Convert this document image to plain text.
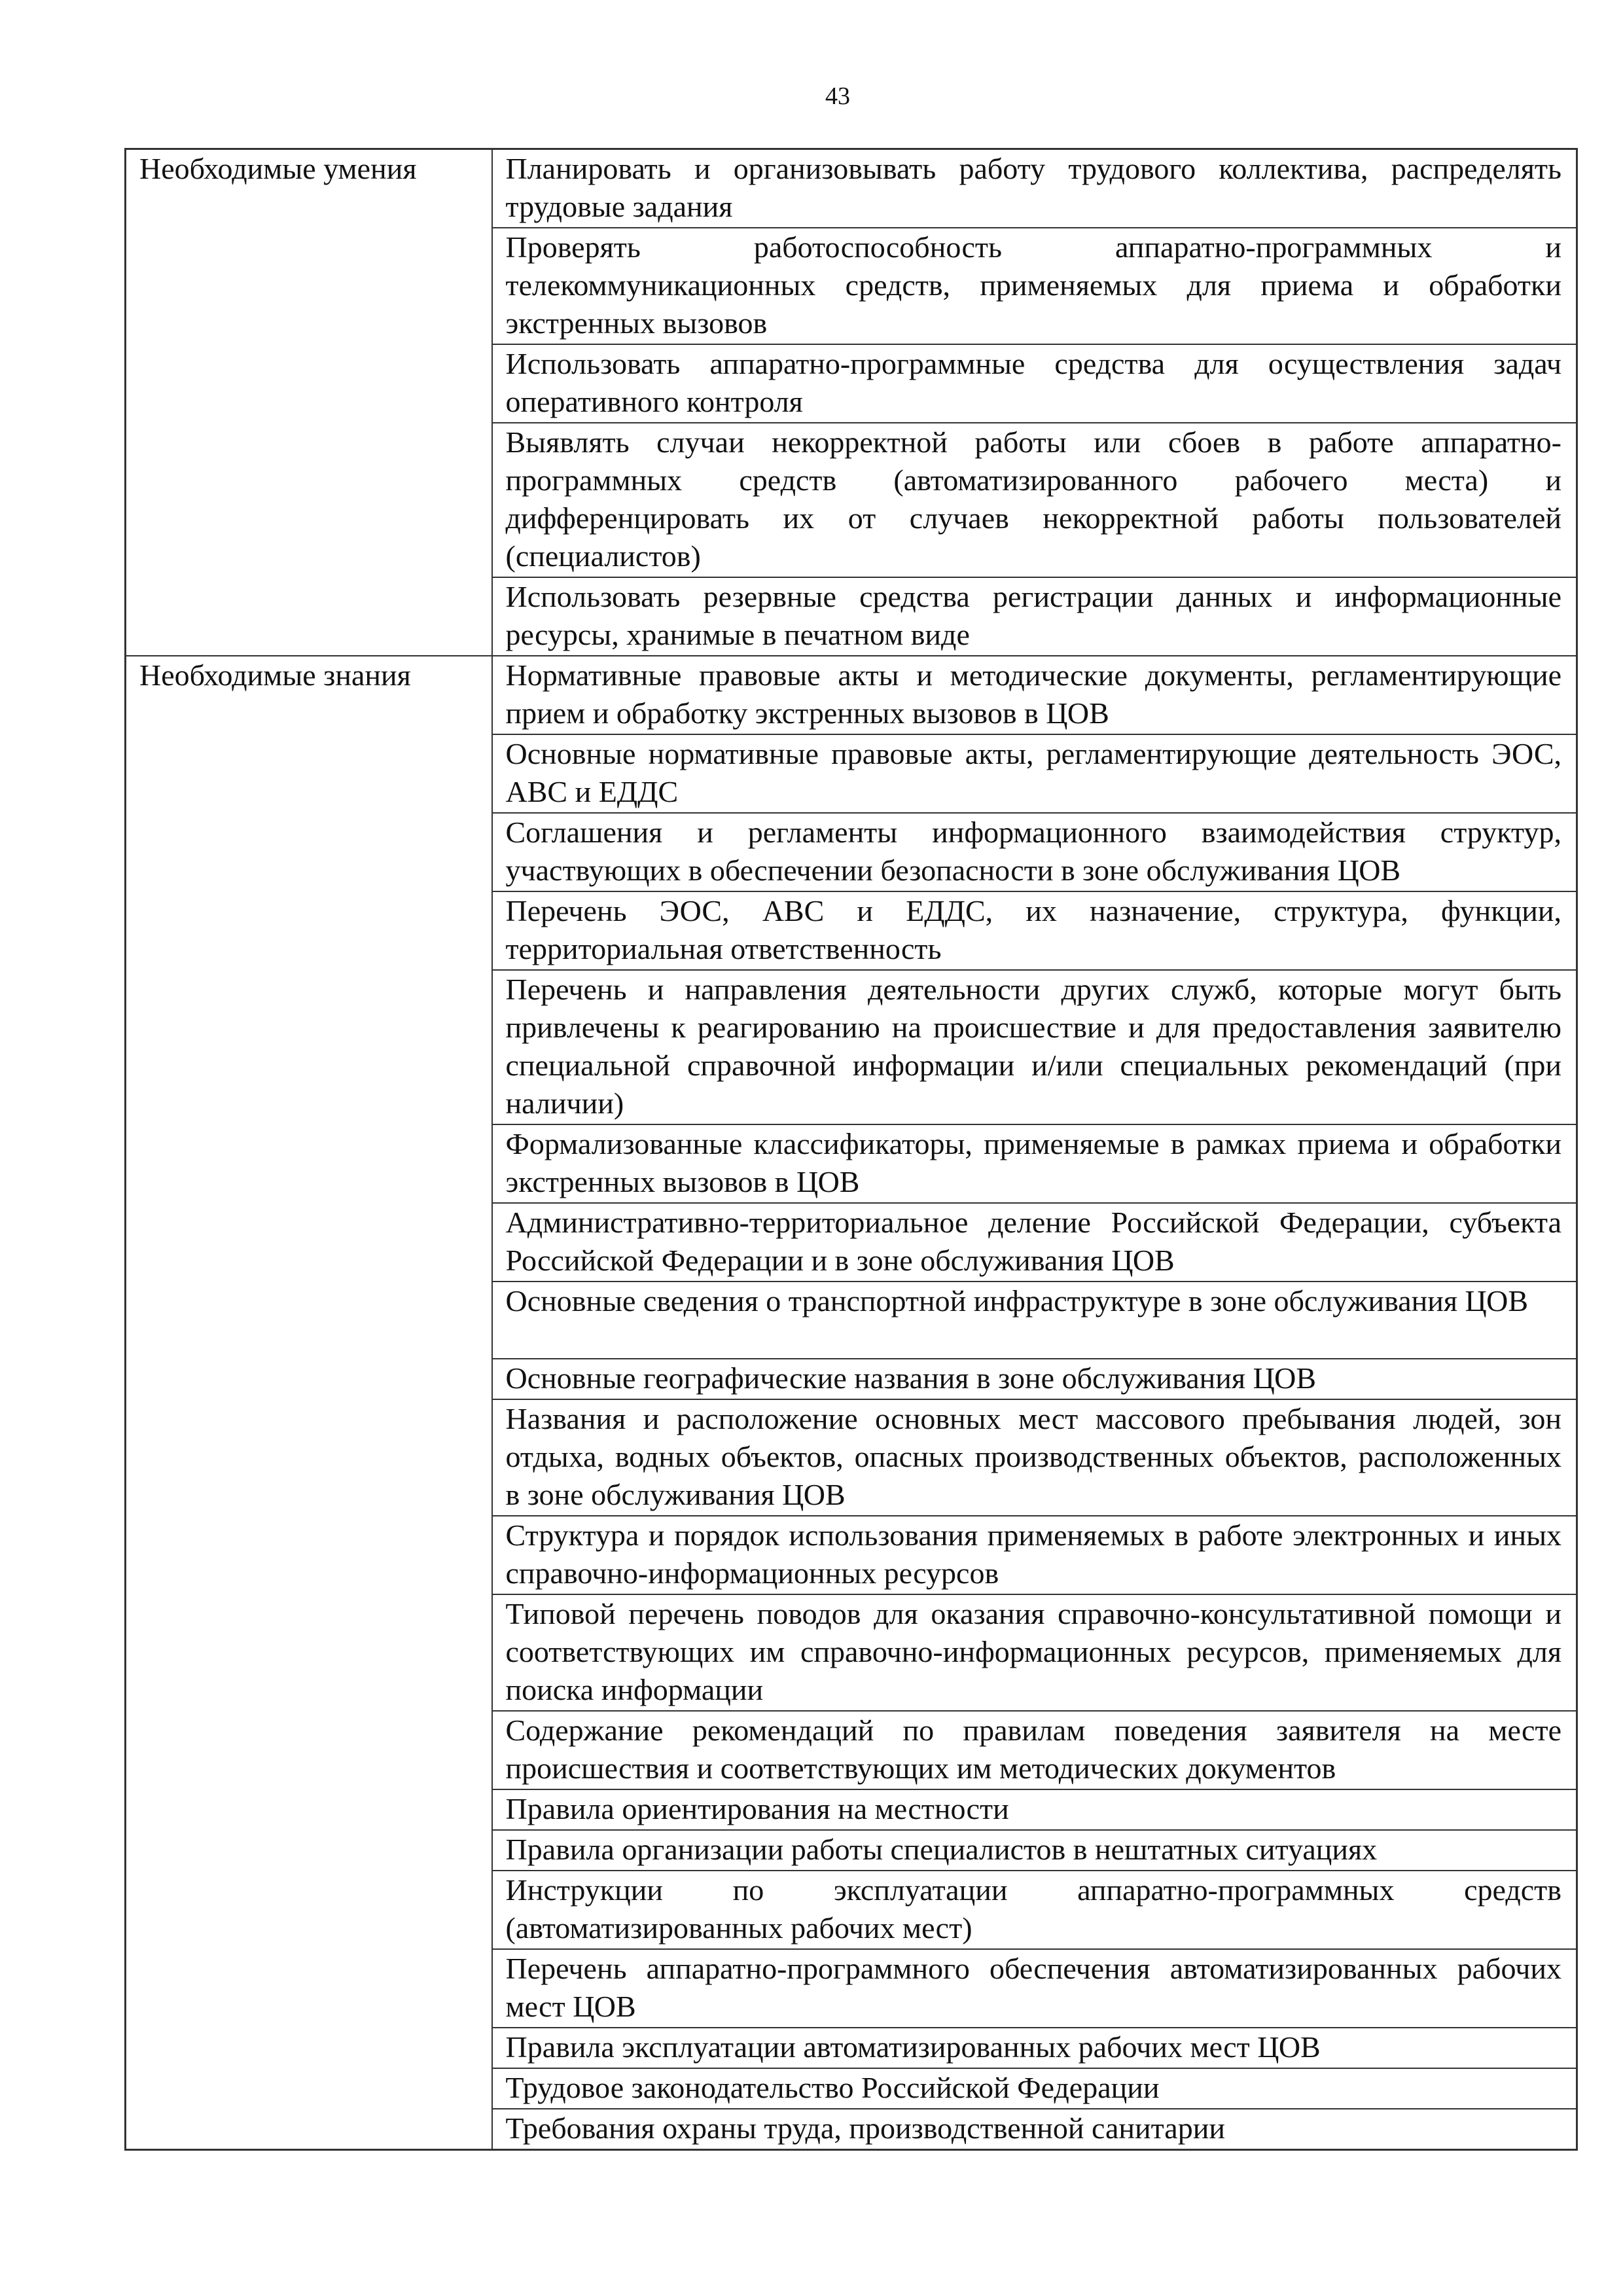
43
Необходимые умения	Планировать и организовывать работу трудового коллектива, распределять трудовые задания
	Проверять работоспособность аппаратно-программных и телекоммуникационных средств, применяемых для приема и обработки экстренных вызовов
	Использовать аппаратно-программные средства для осуществления задач оперативного контроля
	Выявлять случаи некорректной работы или сбоев в работе аппаратно-программных средств (автоматизированного рабочего места) и дифференцировать их от случаев некорректной работы пользователей (специалистов)
	Использовать резервные средства регистрации данных и информационные ресурсы, хранимые в печатном виде
Необходимые знания	Нормативные правовые акты и методические документы, регламентирующие прием и обработку экстренных вызовов в ЦОВ
	Основные нормативные правовые акты, регламентирующие деятельность ЭОС, АВС и ЕДДС
	Соглашения и регламенты информационного взаимодействия структур, участвующих в обеспечении безопасности в зоне обслуживания ЦОВ
	Перечень ЭОС, АВС и ЕДДС, их назначение, структура, функции, территориальная ответственность
	Перечень и направления деятельности других служб, которые могут быть привлечены к реагированию на происшествие и для предоставления заявителю специальной справочной информации и/или специальных рекомендаций (при наличии)
	Формализованные классификаторы, применяемые в рамках приема и обработки экстренных вызовов в ЦОВ
	Административно-территориальное деление Российской Федерации, субъекта Российской Федерации и в зоне обслуживания ЦОВ
	Основные сведения о транспортной инфраструктуре в зоне обслуживания ЦОВ
	Основные географические названия в зоне обслуживания ЦОВ
	Названия и расположение основных мест массового пребывания людей, зон отдыха, водных объектов, опасных производственных объектов, расположенных в зоне обслуживания ЦОВ
	Структура и порядок использования применяемых в работе электронных и иных справочно-информационных ресурсов
	Типовой перечень поводов для оказания справочно-консультативной помощи и соответствующих им справочно-информационных ресурсов, применяемых для поиска информации
	Содержание рекомендаций по правилам поведения заявителя на месте происшествия и соответствующих им методических документов
	Правила ориентирования на местности
	Правила организации работы специалистов в нештатных ситуациях
	Инструкции по эксплуатации аппаратно-программных средств (автоматизированных рабочих мест)
	Перечень аппаратно-программного обеспечения автоматизированных рабочих мест ЦОВ
	Правила эксплуатации автоматизированных рабочих мест ЦОВ
	Трудовое законодательство Российской Федерации
	Требования охраны труда, производственной санитарии
